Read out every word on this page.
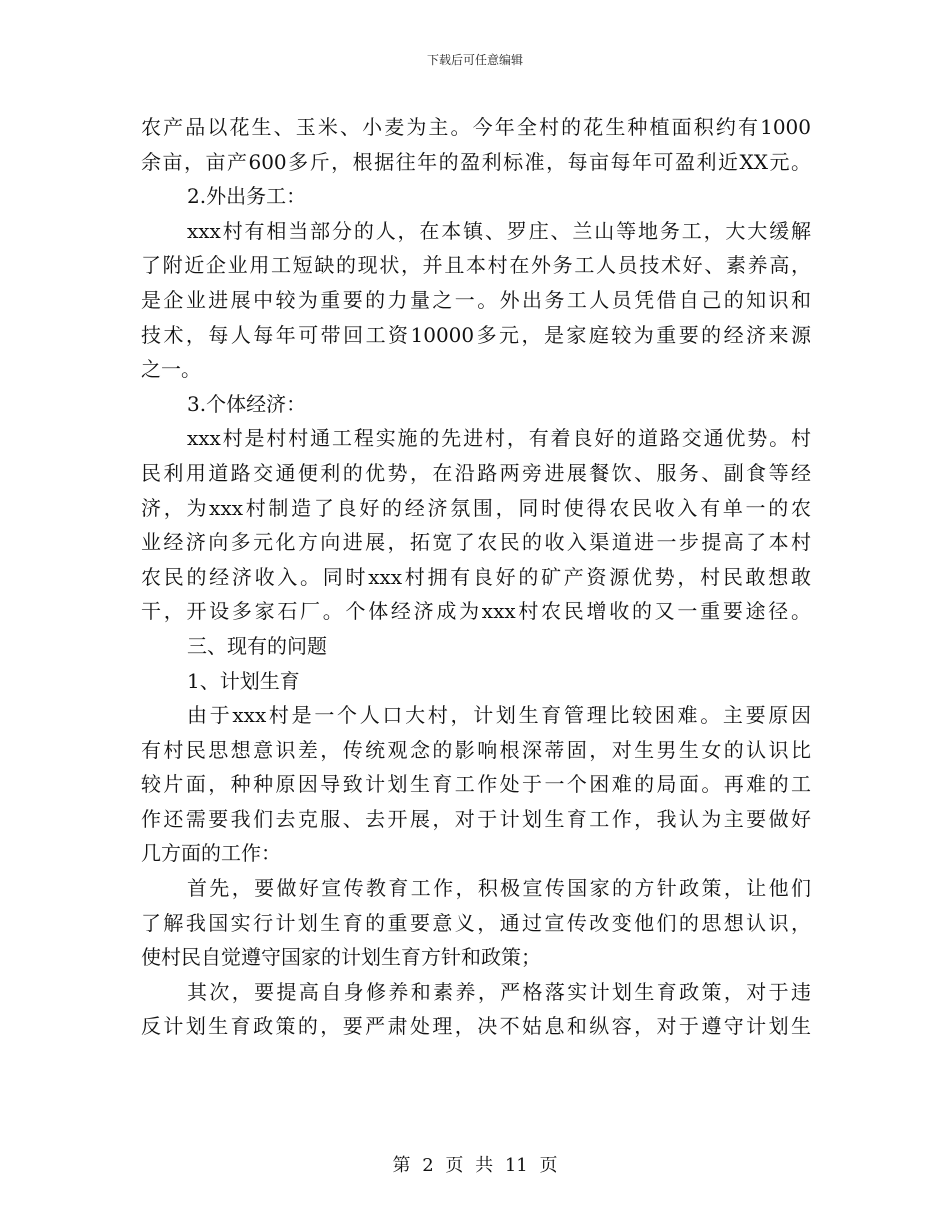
下载后可任意编辑
农产品以花生、玉米、小麦为主。今年全村的花生种植面积约有1000
余亩，亩产600多斤，根据往年的盈利标准，每亩每年可盈利近XX元。
2.外出务工：
xxx村有相当部分的人，在本镇、罗庄、兰山等地务工，大大缓解
了附近企业用工短缺的现状，并且本村在外务工人员技术好、素养高，
是企业进展中较为重要的力量之一。外出务工人员凭借自己的知识和
技术，每人每年可带回工资10000多元，是家庭较为重要的经济来源
之一。
3.个体经济：
xxx村是村村通工程实施的先进村，有着良好的道路交通优势。村
民利用道路交通便利的优势，在沿路两旁进展餐饮、服务、副食等经
济，为xxx村制造了良好的经济氛围，同时使得农民收入有单一的农
业经济向多元化方向进展，拓宽了农民的收入渠道进一步提高了本村
农民的经济收入。同时xxx村拥有良好的矿产资源优势，村民敢想敢
干，开设多家石厂。个体经济成为xxx村农民增收的又一重要途径。
三、现有的问题
1、计划生育
由于xxx村是一个人口大村，计划生育管理比较困难。主要原因
有村民思想意识差，传统观念的影响根深蒂固，对生男生女的认识比
较片面，种种原因导致计划生育工作处于一个困难的局面。再难的工
作还需要我们去克服、去开展，对于计划生育工作，我认为主要做好
几方面的工作：
首先，要做好宣传教育工作，积极宣传国家的方针政策，让他们
了解我国实行计划生育的重要意义，通过宣传改变他们的思想认识，
使村民自觉遵守国家的计划生育方针和政策；
其次，要提高自身修养和素养，严格落实计划生育政策，对于违
反计划生育政策的，要严肃处理，决不姑息和纵容，对于遵守计划生
第 2 页 共 11 页
